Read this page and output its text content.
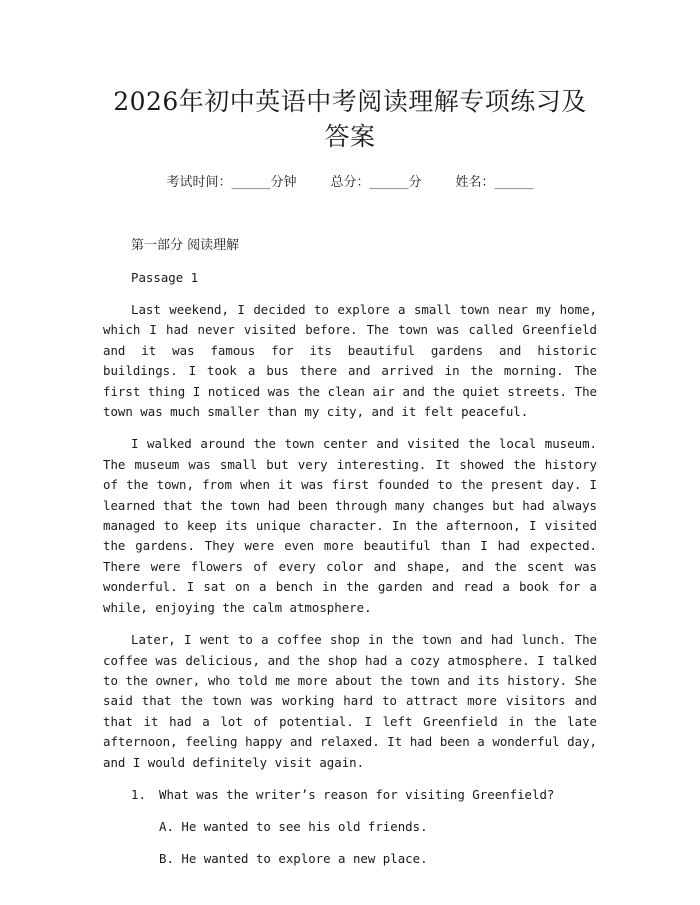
2026年初中英语中考阅读理解专项练习及答案
考试时间：______分钟	总分：______分	姓名：______
第一部分 阅读理解
Passage 1

Last weekend, I decided to explore a small town near my home, which I had never visited before. The town was called Greenfield and it was famous for its beautiful gardens and historic buildings. I took a bus there and arrived in the morning. The first thing I noticed was the clean air and the quiet streets. The town was much smaller than my city, and it felt peaceful.

I walked around the town center and visited the local museum. The museum was small but very interesting. It showed the history of the town, from when it was first founded to the present day. I learned that the town had been through many changes but had always managed to keep its unique character. In the afternoon, I visited the gardens. They were even more beautiful than I had expected. There were flowers of every color and shape, and the scent was wonderful. I sat on a bench in the garden and read a book for a while, enjoying the calm atmosphere.

Later, I went to a coffee shop in the town and had lunch. The coffee was delicious, and the shop had a cozy atmosphere. I talked to the owner, who told me more about the town and its history. She said that the town was working hard to attract more visitors and that it had a lot of potential. I left Greenfield in the late afternoon, feeling happy and relaxed. It had been a wonderful day, and I would definitely visit again.

1. What was the writer’s reason for visiting Greenfield?
A. He wanted to see his old friends.
B. He wanted to explore a new place.
